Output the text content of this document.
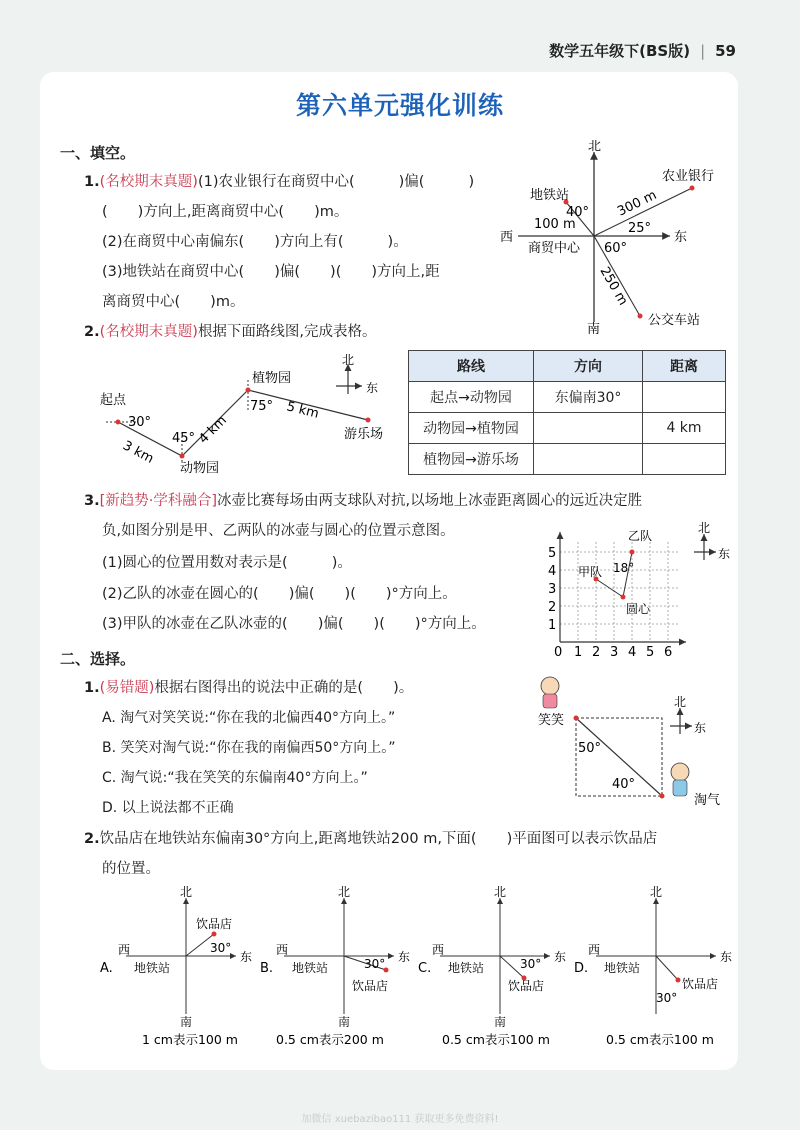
数学五年级下(BS版) | 59
第六单元强化训练
一、填空。
1.(名校期末真题)(1)农业银行在商贸中心(	)偏(	)
( )方向上,距离商贸中心( )m。
(2)在商贸中心南偏东( )方向上有(	)。
(3)地铁站在商贸中心( )偏( )( )方向上,距
离商贸中心( )m。
北
南
东
西
商贸中心
农业银行
地铁站
公交车站
300 m
100 m
250 m
40°
25°
60°
2.(名校期末真题)根据下面路线图,完成表格。
北
东
起点
动物园
植物园
游乐场
3 km
4 km
5 km
30°
45°
75°
路线	方向	距离
起点→动物园	东偏南30°	
动物园→植物园		4 km
植物园→游乐场		
3.[新趋势·学科融合]冰壶比赛每场由两支球队对抗,以场地上冰壶距离圆心的远近决定胜
负,如图分别是甲、乙两队的冰壶与圆心的位置示意图。
(1)圆心的位置用数对表示是(	)。
(2)乙队的冰壶在圆心的( )偏( )( )°方向上。
(3)甲队的冰壶在乙队冰壶的( )偏( )( )°方向上。
0 1 2 3 4 5 6
1
2
3
4
5
甲队
乙队
圆心
18°
北
东
二、选择。
1.(易错题)根据右图得出的说法中正确的是( )。
A. 淘气对笑笑说:“你在我的北偏西40°方向上。”
B. 笑笑对淘气说:“你在我的南偏西50°方向上。”
C. 淘气说:“我在笑笑的东偏南40°方向上。”
D. 以上说法都不正确
笑笑
淘气
50°
40°
北
东
2.饮品店在地铁站东偏南30°方向上,距离地铁站200 m,下面( )平面图可以表示饮品店
的位置。
北
南
东
西
地铁站
饮品店
30°
A.
1 cm表示100 m
北
南
东
西
地铁站
饮品店
30°
B.
0.5 cm表示200 m
北
南
东
西
地铁站
饮品店
30°
C.
0.5 cm表示100 m
北
东
西
地铁站
饮品店
30°
D.
0.5 cm表示100 m
加微信 xuebazibao111 获取更多免费资料!
